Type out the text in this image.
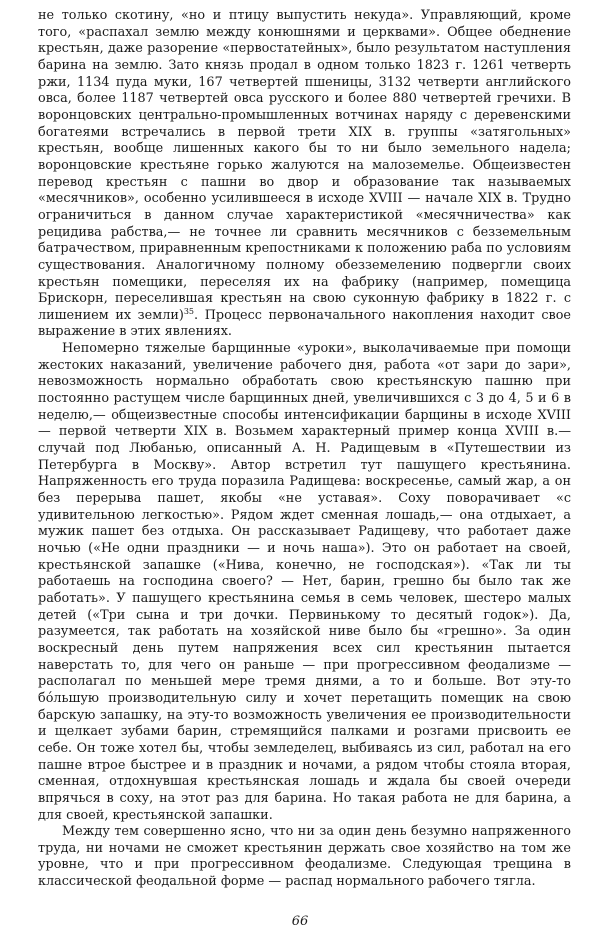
не только скотину, «но и птицу выпустить некуда». Управляющий, кроме того, «распахал землю между конюшнями и церквами». Общее обеднение крестьян, даже разорение «первостатейных», было результатом наступления барина на землю. Зато князь продал в одном только 1823 г. 1261 четверть ржи, 1134 пуда муки, 167 четвертей пшеницы, 3132 четверти английского овса, более 1187 четвертей овса русского и более 880 четвертей гречихи. В воронцовских центрально-промышленных вотчинах наряду с деревенскими богатеями встречались в первой трети XIX в. группы «затягольных» крестьян, вообще лишенных какого бы то ни было земельного надела; воронцовские крестьяне горько жалуются на малоземелье. Общеизвестен перевод крестьян с пашни во двор и образование так называемых «месячников», особенно усилившееся в исходе XVIII — начале XIX в. Трудно ограничиться в данном случае характеристикой «месячничества» как рецидива рабства,— не точнее ли сравнить месячников с безземельным батрачеством, приравненным крепостниками к положению раба по условиям существования. Аналогичному полному обезземелению подвергли своих крестьян помещики, переселяя их на фабрику (например, помещица Брискорн, переселившая крестьян на свою суконную фабрику в 1822 г. с лишением их земли)$^{35}$. Процесс первоначального накопления находит свое выражение в этих явлениях.

Непомерно тяжелые барщинные «уроки», выколачиваемые при помощи жестоких наказаний, увеличение рабочего дня, работа «от зари до зари», невозможность нормально обработать свою крестьянскую пашню при постоянно растущем числе барщинных дней, увеличившихся с 3 до 4, 5 и 6 в неделю,— общеизвестные способы интенсификации барщины в исходе XVIII — первой четверти XIX в. Возьмем характерный пример конца XVIII в.— случай под Любанью, описанный А. Н. Радищевым в «Путешествии из Петербурга в Москву». Автор встретил тут пашущего крестьянина. Напряженность его труда поразила Радищева: воскресенье, самый жар, а он без перерыва пашет, якобы «не уставая». Соху поворачивает «с удивительною легкостью». Рядом ждет сменная лошадь,— она отдыхает, а мужик пашет без отдыха. Он рассказывает Радищеву, что работает даже ночью («Не одни праздники — и ночь наша»). Это он работает на своей, крестьянской запашке («Нива, конечно, не господская»). «Так ли ты работаешь на господина своего? — Нет, барин, грешно бы было так же работать». У пашущего крестьянина семья в семь человек, шестеро малых детей («Три сына и три дочки. Первинькому то десятый годок»). Да, разумеется, так работать на хозяйской ниве было бы «грешно». За один воскресный день путем напряжения всех сил крестьянин пытается наверстать то, для чего он раньше — при прогрессивном феодализме — располагал по меньшей мере тремя днями, а то и больше. Вот эту-то бóльшую производительную силу и хочет перетащить помещик на свою барскую запашку, на эту-то возможность увеличения ее производительности и щелкает зубами барин, стремящийся палками и розгами присвоить ее себе. Он тоже хотел бы, чтобы земледелец, выбиваясь из сил, работал на его пашне втрое быстрее и в праздник и ночами, а рядом чтобы стояла вторая, сменная, отдохнувшая крестьянская лошадь и ждала бы своей очереди впрячься в соху, на этот раз для барина. Но такая работа не для барина, а для своей, крестьянской запашки.

Между тем совершенно ясно, что ни за один день безумно напряженного труда, ни ночами не сможет крестьянин держать свое хозяйство на том же уровне, что и при прогрессивном феодализме. Следующая трещина в классической феодальной форме — распад нормального рабочего тягла.

66
